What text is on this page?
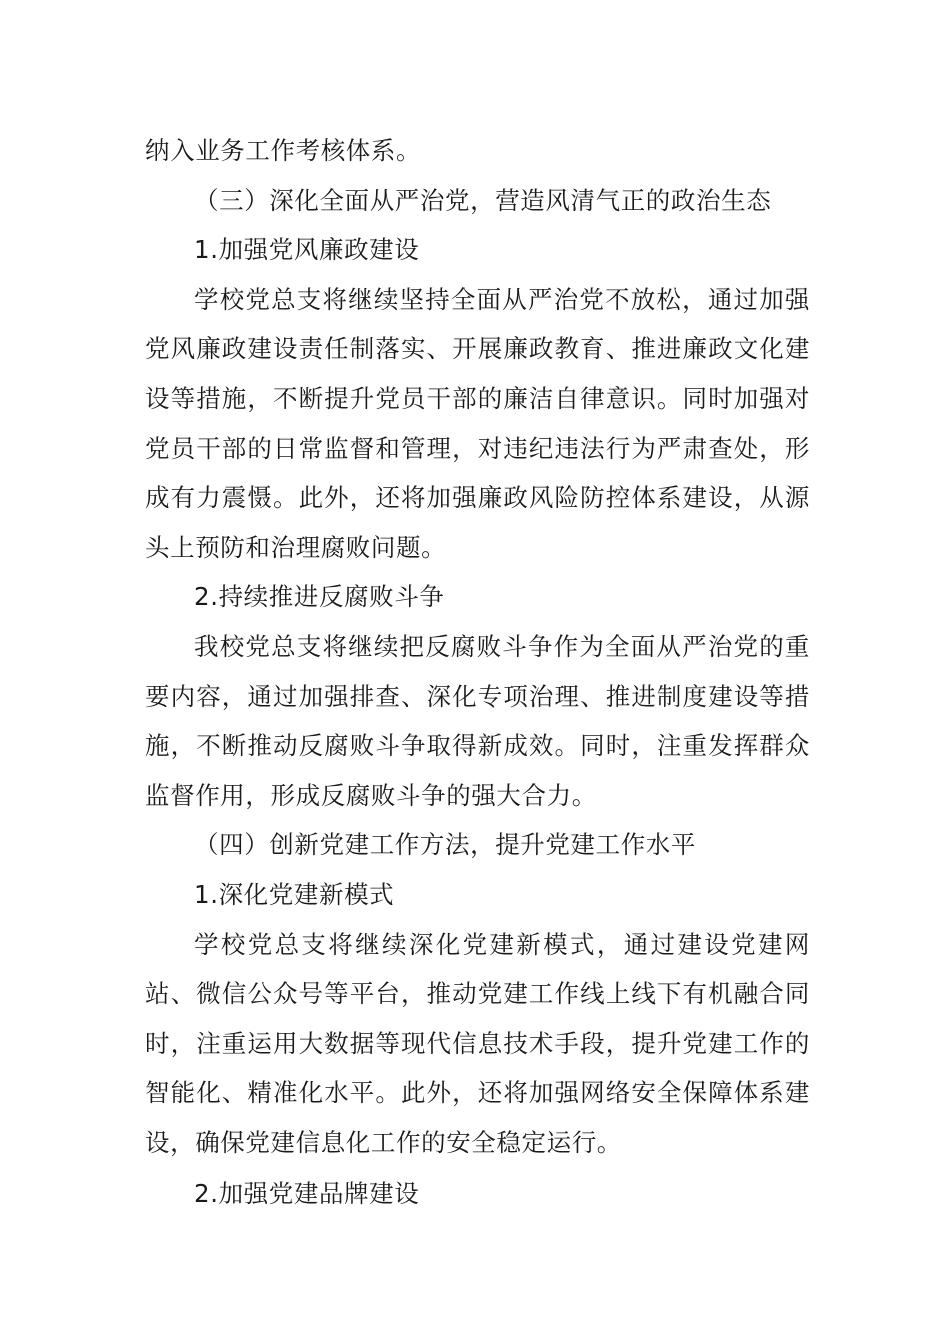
纳入业务工作考核体系。

（三）深化全面从严治党，营造风清气正的政治生态

1.加强党风廉政建设

学校党总支将继续坚持全面从严治党不放松，通过加强党风廉政建设责任制落实、开展廉政教育、推进廉政文化建设等措施，不断提升党员干部的廉洁自律意识。同时加强对党员干部的日常监督和管理，对违纪违法行为严肃查处，形成有力震慑。此外，还将加强廉政风险防控体系建设，从源头上预防和治理腐败问题。

2.持续推进反腐败斗争

我校党总支将继续把反腐败斗争作为全面从严治党的重要内容，通过加强排查、深化专项治理、推进制度建设等措施，不断推动反腐败斗争取得新成效。同时，注重发挥群众监督作用，形成反腐败斗争的强大合力。

（四）创新党建工作方法，提升党建工作水平

1.深化党建新模式

学校党总支将继续深化党建新模式，通过建设党建网站、微信公众号等平台，推动党建工作线上线下有机融合同时，注重运用大数据等现代信息技术手段，提升党建工作的智能化、精准化水平。此外，还将加强网络安全保障体系建设，确保党建信息化工作的安全稳定运行。

2.加强党建品牌建设
